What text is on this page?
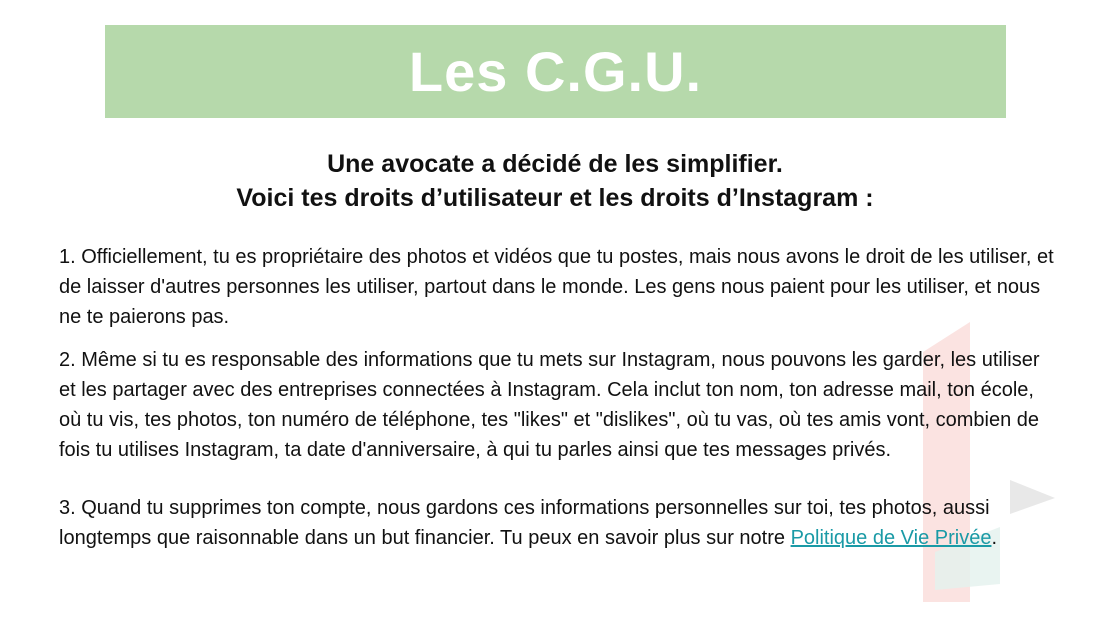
Les C.G.U.
Une avocate a décidé de les simplifier.
Voici tes droits d’utilisateur et les droits d’Instagram :

1. Officiellement, tu es propriétaire des photos et vidéos que tu postes, mais nous avons le droit de les utiliser, et de laisser d'autres personnes les utiliser, partout dans le monde. Les gens nous paient pour les utiliser, et nous ne te paierons pas.

2. Même si tu es responsable des informations que tu mets sur Instagram, nous pouvons les garder, les utiliser et les partager avec des entreprises connectées à Instagram. Cela inclut ton nom, ton adresse mail, ton école, où tu vis, tes photos, ton numéro de téléphone, tes "likes" et "dislikes", où tu vas, où tes amis vont, combien de fois tu utilises Instagram, ta date d'anniversaire, à qui tu parles ainsi que tes messages privés.

3. Quand tu supprimes ton compte, nous gardons ces informations personnelles sur toi, tes photos, aussi longtemps que raisonnable dans un but financier. Tu peux en savoir plus sur notre Politique de Vie Privée.
